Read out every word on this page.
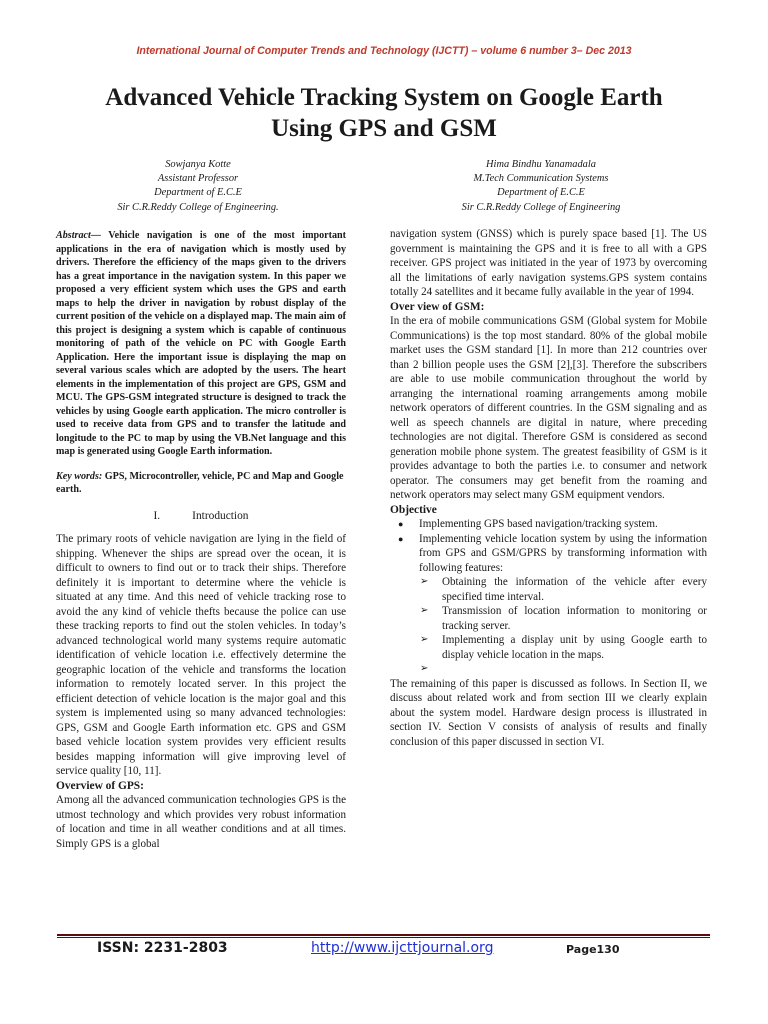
International Journal of Computer Trends and Technology (IJCTT) – volume 6 number 3– Dec 2013
Advanced Vehicle Tracking System on Google Earth
Using GPS and GSM
Sowjanya Kotte
Assistant Professor
Department of E.C.E
Sir C.R.Reddy College of Engineering.
Hima Bindhu Yanamadala
M.Tech Communication Systems
Department of E.C.E
Sir C.R.Reddy College of Engineering

Abstract— Vehicle navigation is one of the most important applications in the era of navigation which is mostly used by drivers. Therefore the efficiency of the maps given to the drivers has a great importance in the navigation system. In this paper we proposed a very efficient system which uses the GPS and earth maps to help the driver in navigation by robust display of the current position of the vehicle on a displayed map. The main aim of this project is designing a system which is capable of continuous monitoring of path of the vehicle on PC with Google Earth Application. Here the important issue is displaying the map on several various scales which are adopted by the users. The heart elements in the implementation of this project are GPS, GSM and MCU. The GPS-GSM integrated structure is designed to track the vehicles by using Google earth application. The micro controller is used to receive data from GPS and to transfer the latitude and longitude to the PC to map by using the VB.Net language and this map is generated using Google Earth information.

Key words: GPS, Microcontroller, vehicle, PC and Map and Google earth.

I.	Introduction

The primary roots of vehicle navigation are lying in the field of shipping. Whenever the ships are spread over the ocean, it is difficult to owners to find out or to track their ships. Therefore definitely it is important to determine where the vehicle is situated at any time. And this need of vehicle tracking rose to avoid the any kind of vehicle thefts because the police can use these tracking reports to find out the stolen vehicles. In today’s advanced technological world many systems require automatic identification of vehicle location i.e. effectively determine the geographic location of the vehicle and transforms the location information to remotely located server. In this project the efficient detection of vehicle location is the major goal and this system is implemented using so many advanced technologies: GPS, GSM and Google Earth information etc. GPS and GSM based vehicle location system provides very efficient results besides mapping information will give improving level of service quality [10, 11].

Overview of GPS:

Among all the advanced communication technologies GPS is the utmost technology and which provides very robust information of location and time in all weather conditions and at all times. Simply GPS is a global

navigation system (GNSS) which is purely space based [1]. The US government is maintaining the GPS and it is free to all with a GPS receiver. GPS project was initiated in the year of 1973 by overcoming all the limitations of early navigation systems.GPS system contains totally 24 satellites and it became fully available in the year of 1994.

Over view of GSM:

In the era of mobile communications GSM (Global system for Mobile Communications) is the top most standard. 80% of the global mobile market uses the GSM standard [1]. In more than 212 countries over than 2 billion people uses the GSM [2],[3]. Therefore the subscribers are able to use mobile communication throughout the world by arranging the international roaming arrangements among mobile network operators of different countries. In the GSM signaling and as well as speech channels are digital in nature, where preceding technologies are not digital. Therefore GSM is considered as second generation mobile phone system. The greatest feasibility of GSM is it provides advantage to both the parties i.e. to consumer and network operator. The consumers may get benefit from the roaming and network operators may select many GSM equipment vendors.

Objective

● Implementing GPS based navigation/tracking system.
● Implementing vehicle location system by using the information from GPS and GSM/GPRS by transforming information with following features:
➢ Obtaining the information of the vehicle after every specified time interval.
➢ Transmission of location information to monitoring or tracking server.
➢ Implementing a display unit by using Google earth to display vehicle location in the maps.
➢

The remaining of this paper is discussed as follows. In Section II, we discuss about related work and from section III we clearly explain about the system model. Hardware design process is illustrated in section IV. Section V consists of analysis of results and finally conclusion of this paper discussed in section VI.

ISSN: 2231-2803	http://www.ijcttjournal.org	Page130
